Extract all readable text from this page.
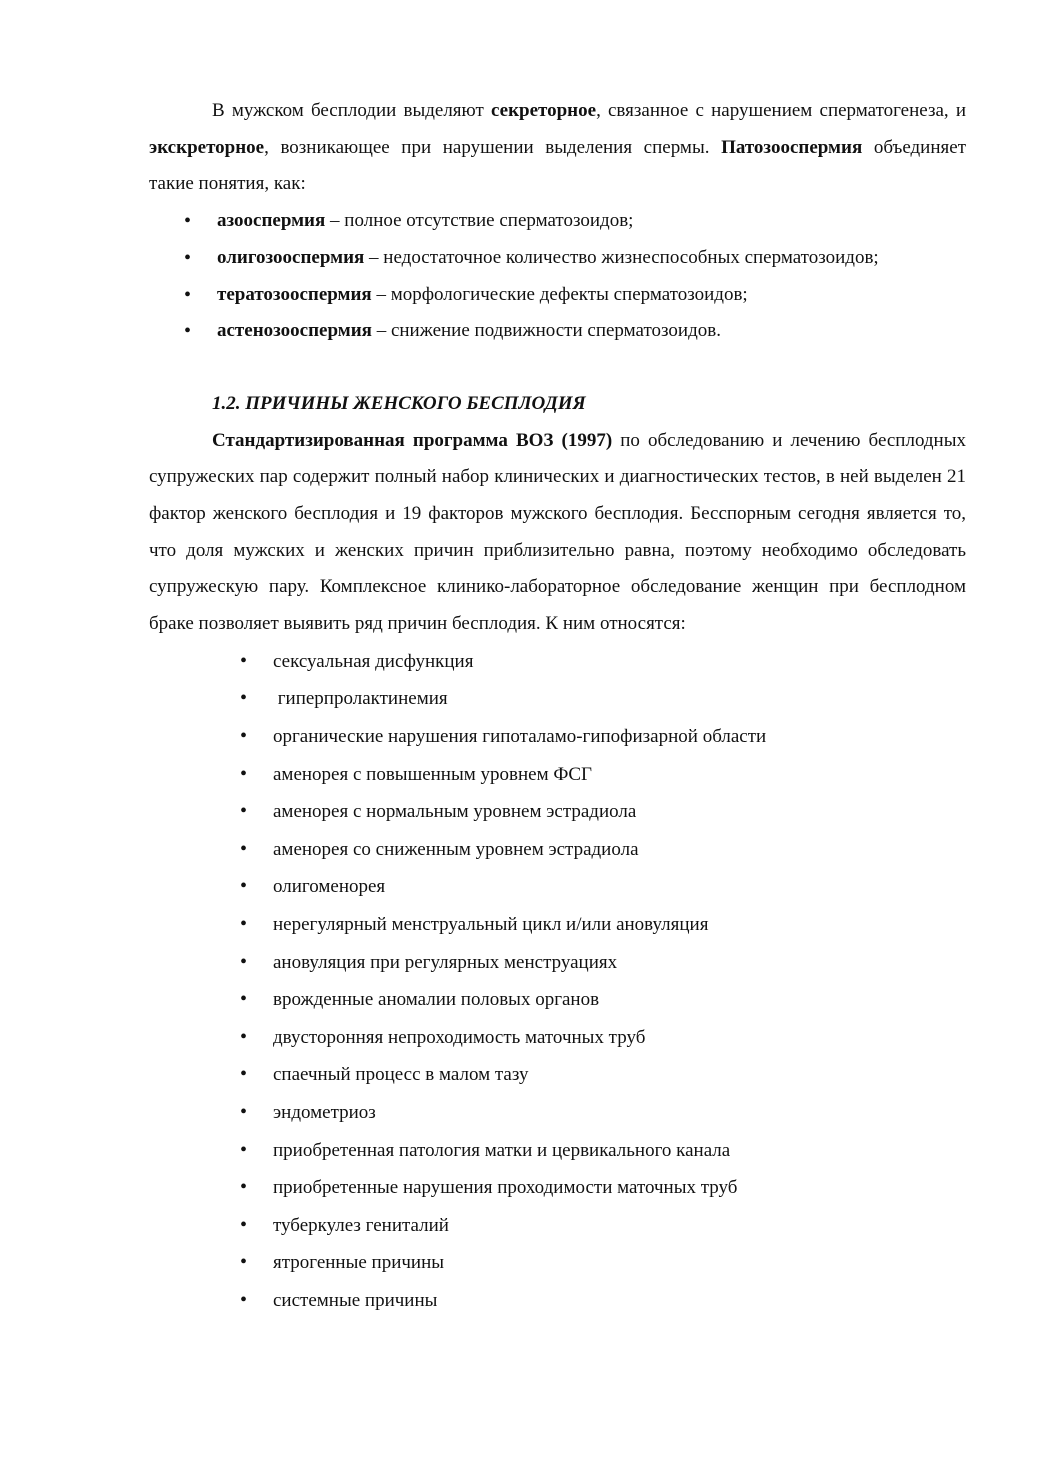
В мужском бесплодии выделяют секреторное, связанное с нарушением сперматогенеза, и экскреторное, возникающее при нарушении выделения спермы. Патозооспермия объединяет такие понятия, как:

• азооспермия – полное отсутствие сперматозоидов;
• олигозооспермия – недостаточное количество жизнеспособных сперматозоидов;
• тератозооспермия – морфологические дефекты сперматозоидов;
• астенозооспермия – снижение подвижности сперматозоидов.
1.2. ПРИЧИНЫ ЖЕНСКОГО БЕСПЛОДИЯ

Стандартизированная программа ВОЗ (1997) по обследованию и лечению бесплодных супружеских пар содержит полный набор клинических и диагностических тестов, в ней выделен 21 фактор женского бесплодия и 19 факторов мужского бесплодия. Бесспорным сегодня является то, что доля мужских и женских причин приблизительно равна, поэтому необходимо обследовать супружескую пару. Комплексное клинико-лабораторное обследование женщин при бесплодном браке позволяет выявить ряд причин бесплодия. К ним относятся:

• сексуальная дисфункция
•  гиперпролактинемия
• органические нарушения гипоталамо-гипофизарной области
• аменорея с повышенным уровнем ФСГ
• аменорея с нормальным уровнем эстрадиола
• аменорея со сниженным уровнем эстрадиола
• олигоменорея
• нерегулярный менструальный цикл и/или ановуляция
• ановуляция при регулярных менструациях
• врожденные аномалии половых органов
• двусторонняя непроходимость маточных труб
• спаечный процесс в малом тазу
• эндометриоз
• приобретенная патология матки и цервикального канала
• приобретенные нарушения проходимости маточных труб
• туберкулез гениталий
• ятрогенные причины
• системные причины
